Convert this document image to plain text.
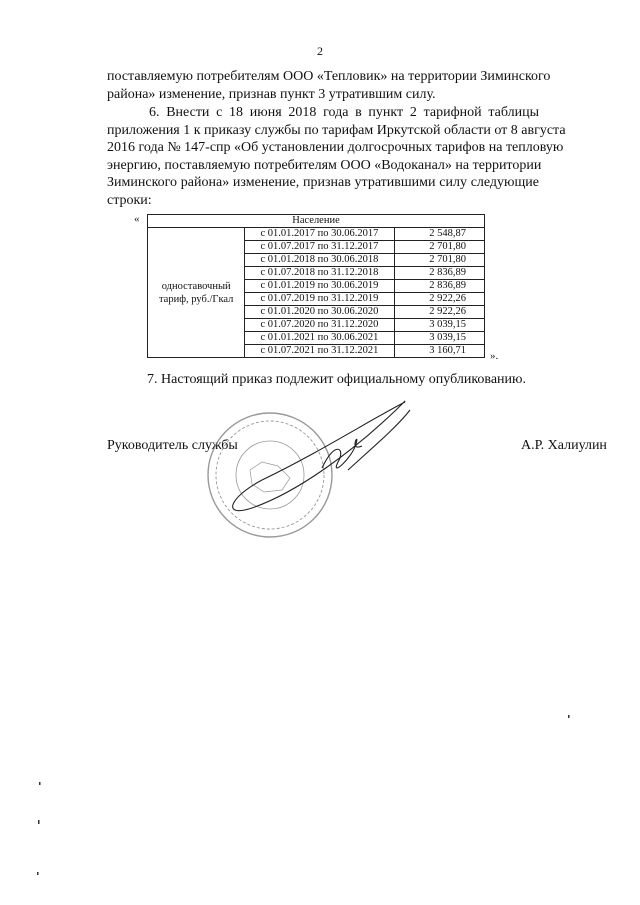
2
поставляемую потребителям ООО «Тепловик» на территории Зиминского
района» изменение, признав пункт 3 утратившим силу.
6. Внести с 18 июня 2018 года в пункт 2 тарифной таблицы
приложения 1 к приказу службы по тарифам Иркутской области от 8 августа
2016 года № 147-спр «Об установлении долгосрочных тарифов на тепловую
энергию, поставляемую потребителям ООО «Водоканал» на территории
Зиминского района» изменение, признав утратившими силу следующие
строки:
«	Население		
одноставочный тариф, руб./Гкал	с 01.01.2017 по 30.06.2017	2 548,87
	с 01.07.2017 по 31.12.2017	2 701,80
	с 01.01.2018 по 30.06.2018	2 701,80
	с 01.07.2018 по 31.12.2018	2 836,89
	с 01.01.2019 по 30.06.2019	2 836,89
	с 01.07.2019 по 31.12.2019	2 922,26
	с 01.01.2020 по 30.06.2020	2 922,26
	с 01.07.2020 по 31.12.2020	3 039,15
	с 01.01.2021 по 30.06.2021	3 039,15
	с 01.07.2021 по 31.12.2021	3 160,71 ».
7. Настоящий приказ подлежит официальному опубликованию.
Руководитель службы	А.Р. Халиулин
